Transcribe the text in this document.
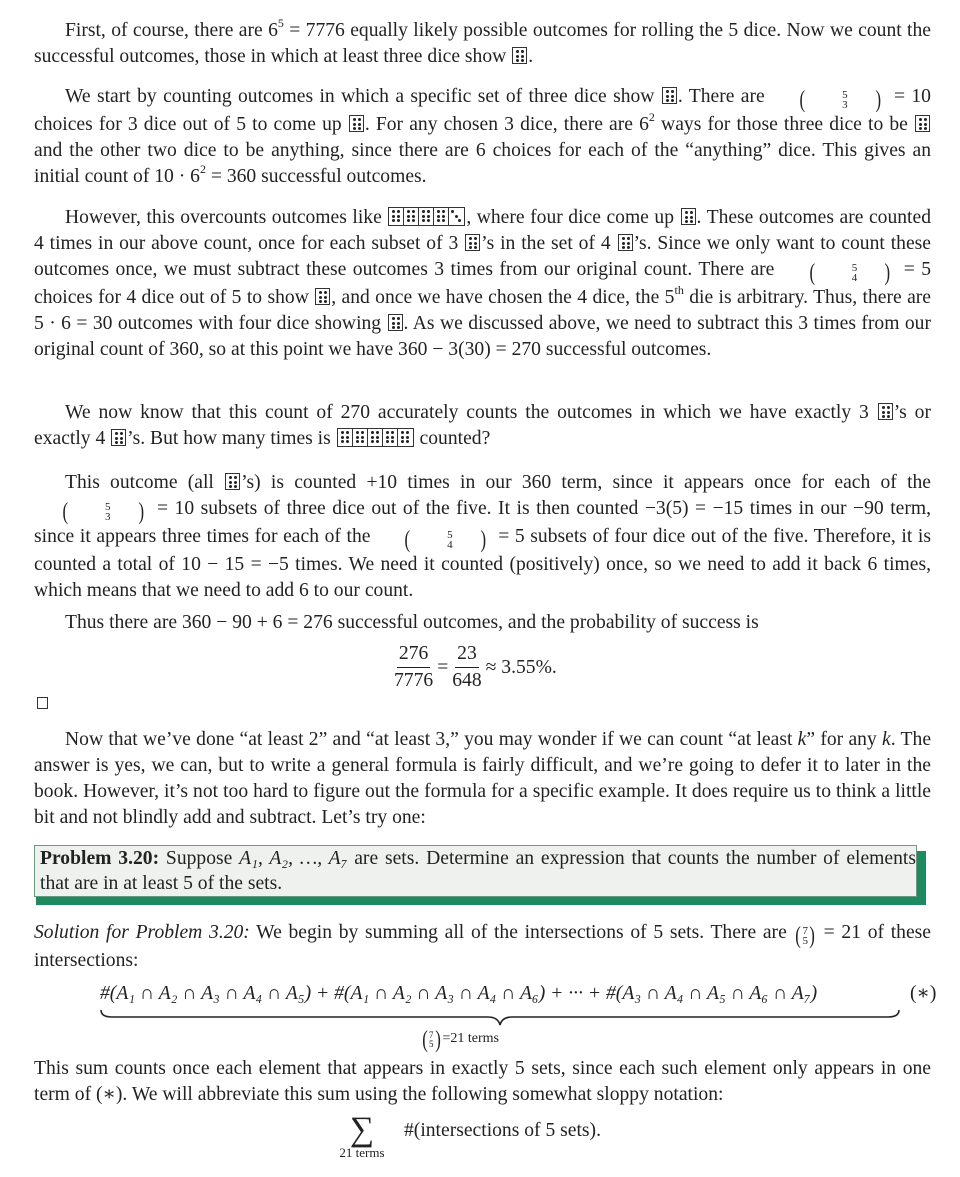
First, of course, there are $6^5 = 7776$ equally likely possible outcomes for rolling the 5 dice. Now we count the successful outcomes, those in which at least three dice show
.

We start by counting outcomes in which a specific set of three dice show
. There are	(	5
3	) = 10 choices for 3 dice out of 5 to come up
. For any chosen 3 dice, there are $6^2$ ways for those three dice to be
and the other two dice to be anything, since there are 6 choices for each of the “anything” dice. This gives an initial count of $10 \cdot 6^2 = 360$ successful outcomes.

However, this overcounts outcomes like	, where four dice come up
. These outcomes are counted 4 times in our above count, once for each subset of 3
’s in the set of 4
’s. Since we only want to count these outcomes once, we must subtract these outcomes 3 times from our original count. There are	(	5
4	) = 5 choices for 4 dice out of 5 to show
, and once we have chosen the 4 dice, the 5th die is arbitrary. Thus, there are 5 · 6 = 30 outcomes with four dice showing
. As we discussed above, we need to subtract this 3 times from our original count of 360, so at this point we have 360 − 3(30) = 270 successful outcomes.

We now know that this count of 270 accurately counts the outcomes in which we have exactly 3
’s or exactly 4
’s. But how many times is	counted?

This outcome (all
’s) is counted +10 times in our 360 term, since it appears once for each of the
(	5
3	) = 10 subsets of three dice out of the five. It is then counted −3(5) = −15 times in our −90 term, since it appears three times for each of the	(	5
4	) = 5 subsets of four dice out of the five. Therefore, it is counted a total of 10 − 15 = −5 times. We need it counted (positively) once, so we need to add it back 6 times, which means that we need to add 6 to our count.

Thus there are 360 − 90 + 6 = 276 successful outcomes, and the probability of success is

$\frac{276}{7776} = \frac{23}{648} \approx 3.55\%$.

Now that we’ve done “at least 2” and “at least 3,” you may wonder if we can count “at least k” for any k. The answer is yes, we can, but to write a general formula is fairly difficult, and we’re going to defer it to later in the book. However, it’s not too hard to figure out the formula for a specific example. It does require us to think a little bit and not blindly add and subtract. Let’s try one:

Problem 3.20: Suppose A₁, A₂, …, A₇ are sets. Determine an expression that counts the number of elements that are in at least 5 of the sets.

Solution for Problem 3.20: We begin by summing all of the intersections of 5 sets. There are ( 7
5 ) = 21 of these intersections:

#(A₁ ∩ A₂ ∩ A₃ ∩ A₄ ∩ A₅) + #(A₁ ∩ A₂ ∩ A₃ ∩ A₄ ∩ A₆) + ··· + #(A₃ ∩ A₄ ∩ A₅ ∩ A₆ ∩ A₇)	(∗)
( 7
5 ) =21 terms

This sum counts once each element that appears in exactly 5 sets, since each such element only appears in one term of (∗). We will abbreviate this sum using the following somewhat sloppy notation:

∑
21 terms
#(intersections of 5 sets).
